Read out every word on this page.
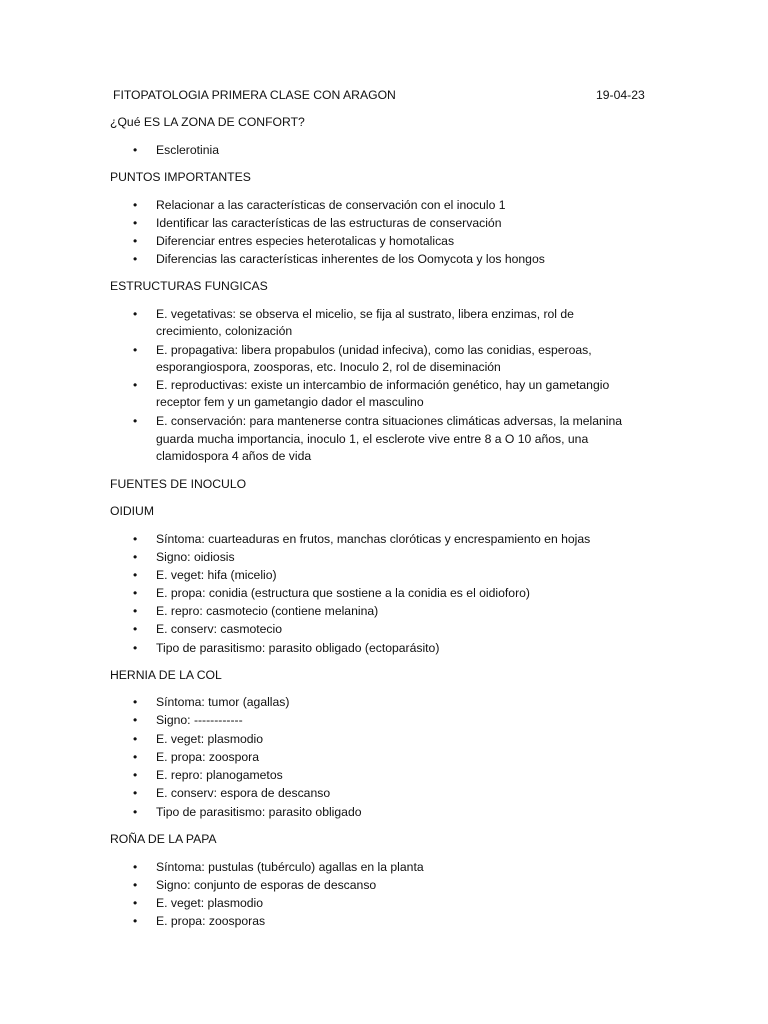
FITOPATOLOGIA PRIMERA CLASE CON ARAGON	19-04-23
¿Qué ES LA ZONA DE CONFORT?
•	Esclerotinia
PUNTOS IMPORTANTES
•	Relacionar a las características de conservación con el inoculo 1
•	Identificar las características de las estructuras de conservación
•	Diferenciar entres especies heterotalicas y homotalicas
•	Diferencias las características inherentes de los Oomycota y los hongos
ESTRUCTURAS FUNGICAS
•	E. vegetativas: se observa el micelio, se fija al sustrato, libera enzimas, rol de
crecimiento, colonización
•	E. propagativa: libera propabulos (unidad infeciva), como las conidias, esperoas,
esporangiospora, zoosporas, etc. Inoculo 2, rol de diseminación
•	E. reproductivas: existe un intercambio de información genético, hay un gametangio
receptor fem y un gametangio dador el masculino
•	E. conservación: para mantenerse contra situaciones climáticas adversas, la melanina
guarda mucha importancia, inoculo 1, el esclerote vive entre 8 a O 10 años, una
clamidospora 4 años de vida
FUENTES DE INOCULO
OIDIUM
•	Síntoma: cuarteaduras en frutos, manchas cloróticas y encrespamiento en hojas
•	Signo: oidiosis
•	E. veget: hifa (micelio)
•	E. propa: conidia (estructura que sostiene a la conidia es el oidioforo)
•	E. repro: casmotecio (contiene melanina)
•	E. conserv: casmotecio
•	Tipo de parasitismo: parasito obligado (ectoparásito)
HERNIA DE LA COL
•	Síntoma: tumor (agallas)
•	Signo: ------------
•	E. veget: plasmodio
•	E. propa: zoospora
•	E. repro: planogametos
•	E. conserv: espora de descanso
•	Tipo de parasitismo: parasito obligado
ROÑA DE LA PAPA
•	Síntoma: pustulas (tubérculo) agallas en la planta
•	Signo: conjunto de esporas de descanso
•	E. veget: plasmodio
•	E. propa: zoosporas
